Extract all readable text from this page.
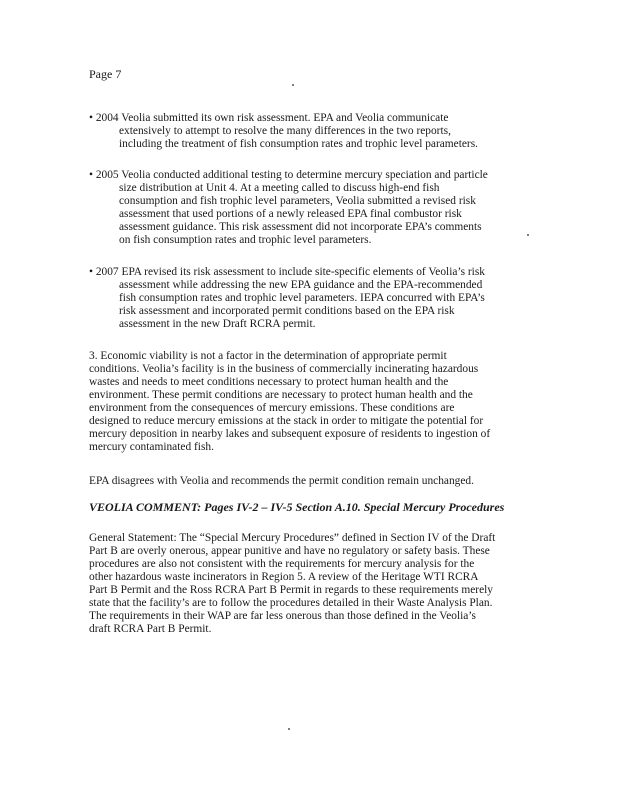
Page 7
• 2004 Veolia submitted its own risk assessment. EPA and Veolia communicate
extensively to attempt to resolve the many differences in the two reports,
including the treatment of fish consumption rates and trophic level parameters.
• 2005 Veolia conducted additional testing to determine mercury speciation and particle
size distribution at Unit 4. At a meeting called to discuss high-end fish
consumption and fish trophic level parameters, Veolia submitted a revised risk
assessment that used portions of a newly released EPA final combustor risk
assessment guidance. This risk assessment did not incorporate EPA’s comments
on fish consumption rates and trophic level parameters.
• 2007 EPA revised its risk assessment to include site-specific elements of Veolia’s risk
assessment while addressing the new EPA guidance and the EPA-recommended
fish consumption rates and trophic level parameters. IEPA concurred with EPA’s
risk assessment and incorporated permit conditions based on the EPA risk
assessment in the new Draft RCRA permit.
3. Economic viability is not a factor in the determination of appropriate permit
conditions. Veolia’s facility is in the business of commercially incinerating hazardous
wastes and needs to meet conditions necessary to protect human health and the
environment. These permit conditions are necessary to protect human health and the
environment from the consequences of mercury emissions. These conditions are
designed to reduce mercury emissions at the stack in order to mitigate the potential for
mercury deposition in nearby lakes and subsequent exposure of residents to ingestion of
mercury contaminated fish.
EPA disagrees with Veolia and recommends the permit condition remain unchanged.
VEOLIA COMMENT: Pages IV-2 – IV-5 Section A.10. Special Mercury Procedures
General Statement: The “Special Mercury Procedures” defined in Section IV of the Draft
Part B are overly onerous, appear punitive and have no regulatory or safety basis. These
procedures are also not consistent with the requirements for mercury analysis for the
other hazardous waste incinerators in Region 5. A review of the Heritage WTI RCRA
Part B Permit and the Ross RCRA Part B Permit in regards to these requirements merely
state that the facility’s are to follow the procedures detailed in their Waste Analysis Plan.
The requirements in their WAP are far less onerous than those defined in the Veolia’s
draft RCRA Part B Permit.
